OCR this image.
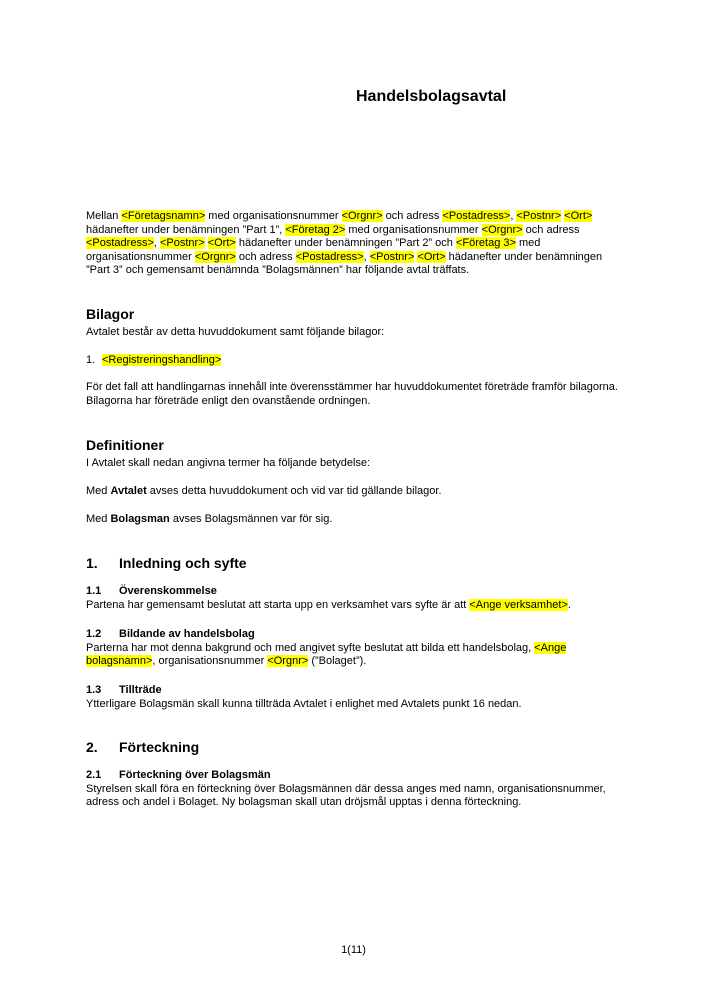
Handelsbolagsavtal

Mellan <Företagsnamn> med organisationsnummer <Orgnr> och adress <Postadress>, <Postnr> <Ort> hädanefter under benämningen ”Part 1”, <Företag 2> med organisationsnummer <Orgnr> och adress <Postadress>, <Postnr> <Ort> hädanefter under benämningen ”Part 2” och <Företag 3> med organisationsnummer <Orgnr> och adress <Postadress>, <Postnr> <Ort> hädanefter under benämningen ”Part 3” och gemensamt benämnda ”Bolagsmännen” har följande avtal träffats.

Bilagor

Avtalet består av detta huvuddokument samt följande bilagor:

1. <Registreringshandling>

För det fall att handlingarnas innehåll inte överensstämmer har huvuddokumentet företräde framför bilagorna. Bilagorna har företräde enligt den ovanstående ordningen.

Definitioner

I Avtalet skall nedan angivna termer ha följande betydelse:

Med Avtalet avses detta huvuddokument och vid var tid gällande bilagor.

Med Bolagsman avses Bolagsmännen var för sig.

1. Inledning och syfte
1.1 Överenskommelse

Partena har gemensamt beslutat att starta upp en verksamhet vars syfte är att <Ange verksamhet>.

1.2 Bildande av handelsbolag

Parterna har mot denna bakgrund och med angivet syfte beslutat att bilda ett handelsbolag, <Ange bolagsnamn>, organisationsnummer <Orgnr> (”Bolaget”).

1.3 Tillträde

Ytterligare Bolagsmän skall kunna tillträda Avtalet i enlighet med Avtalets punkt 16 nedan.

2. Förteckning
2.1 Förteckning över Bolagsmän

Styrelsen skall föra en förteckning över Bolagsmännen där dessa anges med namn, organisationsnummer, adress och andel i Bolaget. Ny bolagsman skall utan dröjsmål upptas i denna förteckning.

1(11)
